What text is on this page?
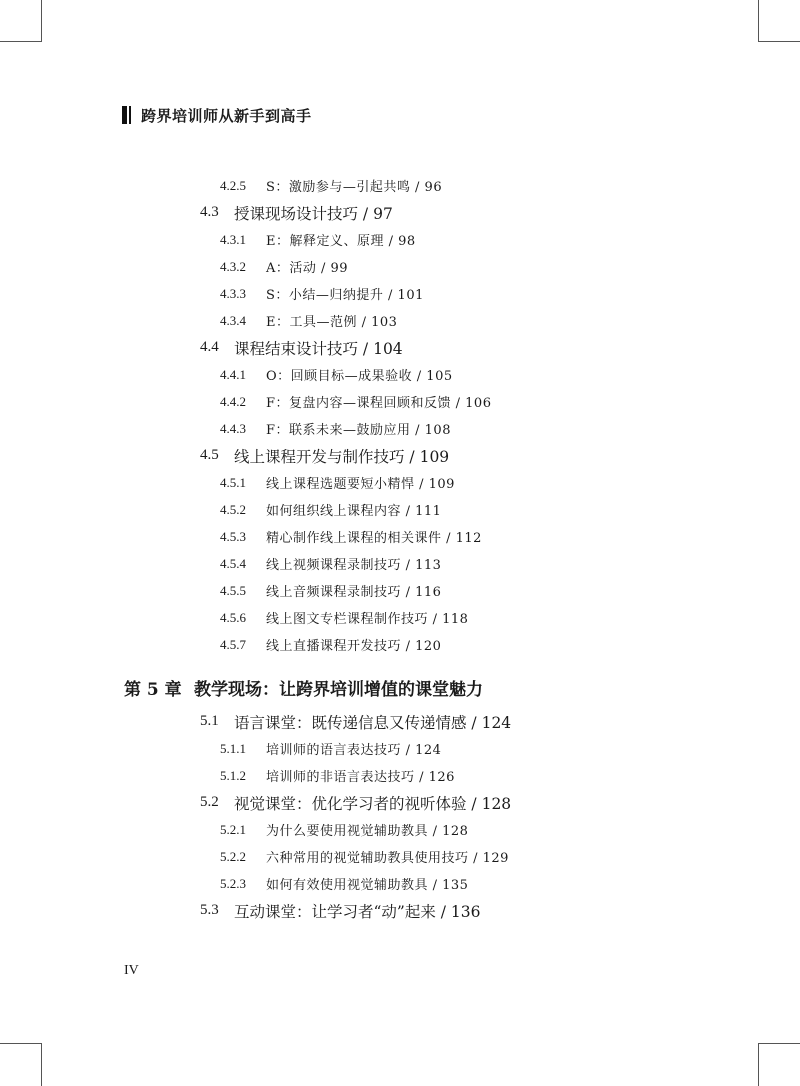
跨界培训师从新手到高手
4.2.5	S：激励参与—引起共鸣 / 96
4.3 授课现场设计技巧 / 97
4.3.1	E：解释定义、原理 / 98
4.3.2	A：活动 / 99
4.3.3	S：小结—归纳提升 / 101
4.3.4	E：工具—范例 / 103
4.4 课程结束设计技巧 / 104
4.4.1	O：回顾目标—成果验收 / 105
4.4.2	F：复盘内容—课程回顾和反馈 / 106
4.4.3	F：联系未来—鼓励应用 / 108
4.5 线上课程开发与制作技巧 / 109
4.5.1	线上课程选题要短小精悍 / 109
4.5.2	如何组织线上课程内容 / 111
4.5.3	精心制作线上课程的相关课件 / 112
4.5.4	线上视频课程录制技巧 / 113
4.5.5	线上音频课程录制技巧 / 116
4.5.6	线上图文专栏课程制作技巧 / 118
4.5.7	线上直播课程开发技巧 / 120
第 5 章 教学现场：让跨界培训增值的课堂魅力
5.1 语言课堂：既传递信息又传递情感 / 124
5.1.1	培训师的语言表达技巧 / 124
5.1.2	培训师的非语言表达技巧 / 126
5.2 视觉课堂：优化学习者的视听体验 / 128
5.2.1	为什么要使用视觉辅助教具 / 128
5.2.2	六种常用的视觉辅助教具使用技巧 / 129
5.2.3	如何有效使用视觉辅助教具 / 135
5.3 互动课堂：让学习者“动”起来 / 136
IV
